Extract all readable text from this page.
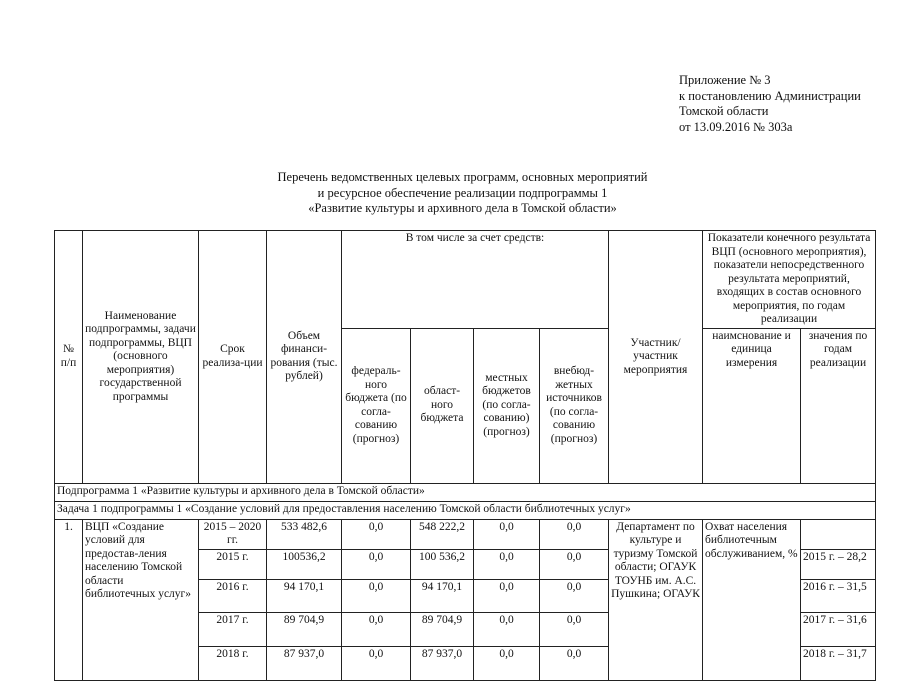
Приложение № 3
к постановлению Администрации
Томской области
от 13.09.2016 № 303а
Перечень ведомственных целевых программ, основных мероприятий
и ресурсное обеспечение реализации подпрограммы 1
«Развитие культуры и архивного дела в Томской области»
№ п/п	Наименование подпрограммы, задачи подпрограммы, ВЦП (основного мероприятия) государственной программы	Срок реализа-ции	Объем финанси-рования (тыс. рублей)	В том числе за счет средств:				Участник/ участник мероприятия	Показатели конечного результата ВЦП (основного мероприятия), показатели непосредственного результата мероприятий, входящих в состав основного мероприятия, по годам реализации	
				федераль-ного бюджета (по согла-сованию (прогноз)	област-ного бюджета	местных бюджетов (по согла-сованию) (прогноз)	внебюд-жетных источников (по согла-сованию (прогноз)		наимснование и единица измерения	значения по годам реализации
Подпрограмма 1 «Развитие культуры и архивного дела в Томской области»										
Задача 1 подпрограммы 1 «Создание условий для предоставления населению Томской области библиотечных услуг»										
1.	ВЦП «Создание условий для предостав-ления населению Томской области библиотечных услуг»	2015 – 2020 гг.	533 482,6	0,0	548 222,2	0,0	0,0	Департамент по культуре и туризму Томской области; ОГАУК ТОУНБ им. А.С. Пушкина; ОГАУК	Охват населения библиотечным обслуживанием, %	
		2015 г.	100536,2	0,0	100 536,2	0,0	0,0			2015 г. – 28,2
		2016 г.	94 170,1	0,0	94 170,1	0,0	0,0			2016 г. – 31,5
		2017 г.	89 704,9	0,0	89 704,9	0,0	0,0			2017 г. – 31,6
		2018 г.	87 937,0	0,0	87 937,0	0,0	0,0			2018 г. – 31,7
